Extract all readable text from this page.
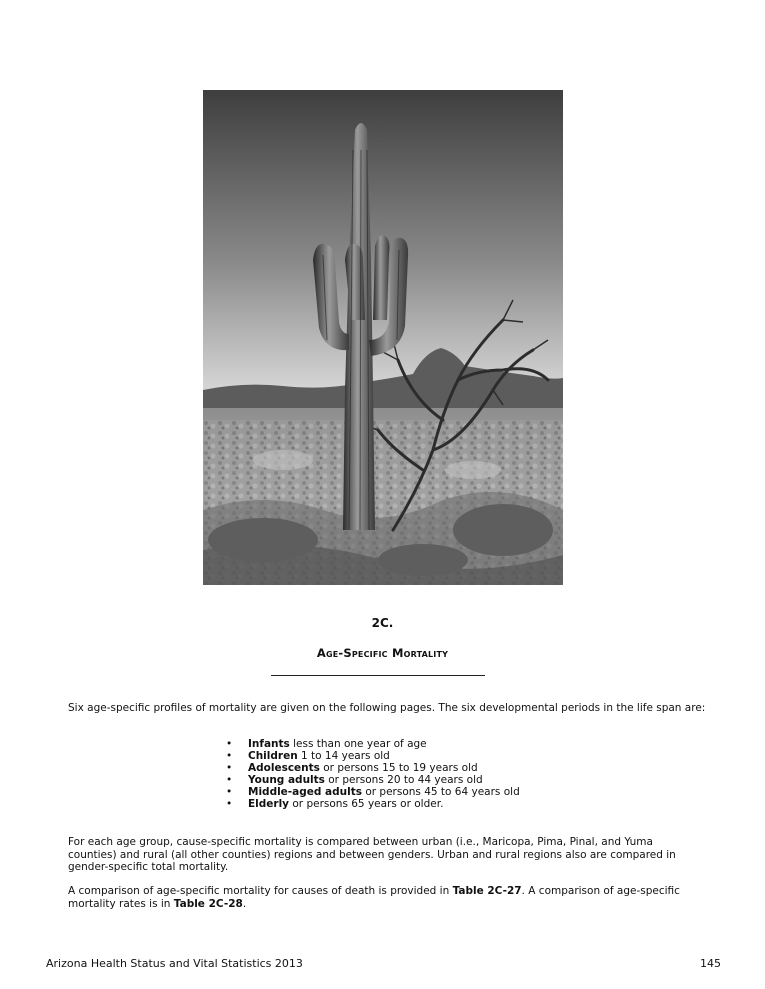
2C.
Age-Specific Mortality
Six age-specific profiles of mortality are given on the following pages. The six developmental periods in the life span are:
• Infants less than one year of age
• Children 1 to 14 years old
• Adolescents or persons 15 to 19 years old
• Young adults or persons 20 to 44 years old
• Middle-aged adults or persons 45 to 64 years old
• Elderly or persons 65 years or older.
For each age group, cause-specific mortality is compared between urban (i.e., Maricopa, Pima, Pinal, and Yuma counties) and rural (all other counties) regions and between genders. Urban and rural regions also are compared in gender-specific total mortality.
A comparison of age-specific mortality for causes of death is provided in Table 2C-27. A comparison of age-specific mortality rates is in Table 2C-28.
Arizona Health Status and Vital Statistics 2013	145
